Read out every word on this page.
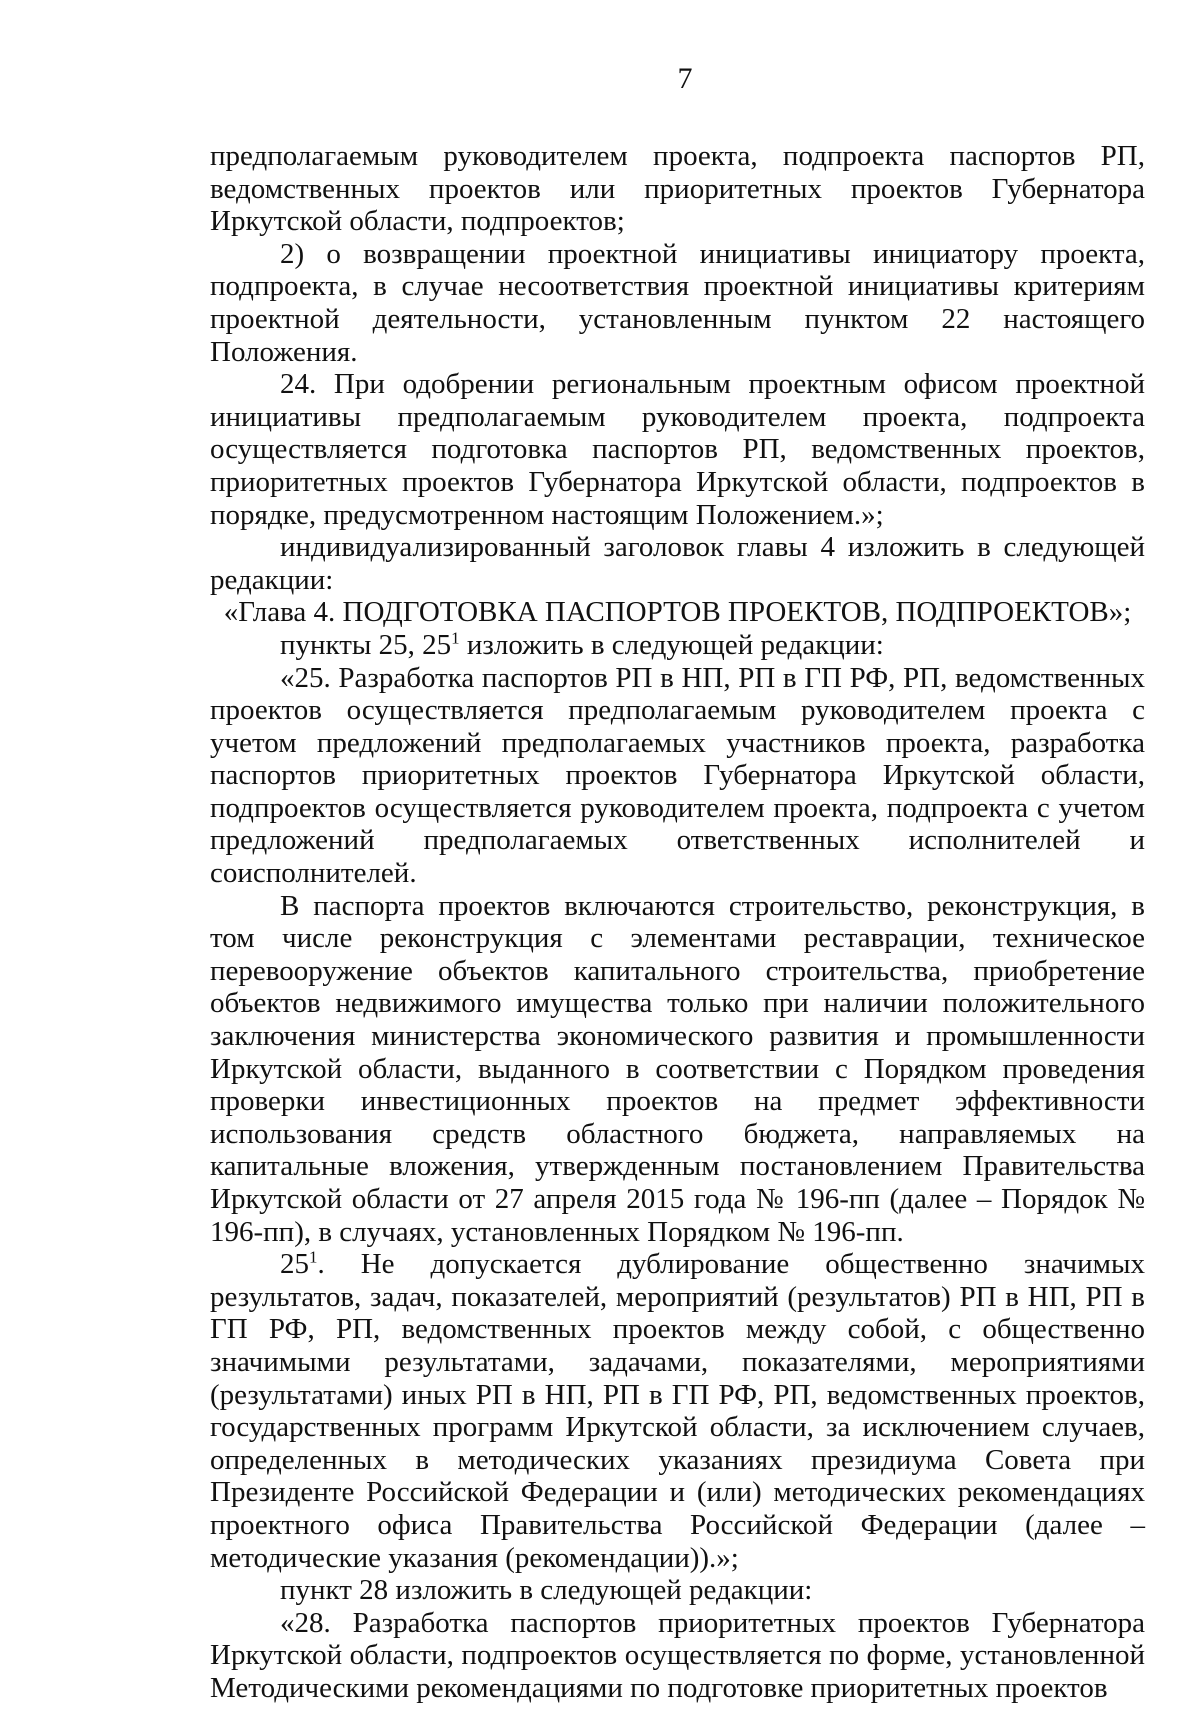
7

предполагаемым руководителем проекта, подпроекта паспортов РП, ведомственных проектов или приоритетных проектов Губернатора Иркутской области, подпроектов;

2) о возвращении проектной инициативы инициатору проекта, подпроекта, в случае несоответствия проектной инициативы критериям проектной деятельности, установленным пунктом 22 настоящего Положения.

24. При одобрении региональным проектным офисом проектной инициативы предполагаемым руководителем проекта, подпроекта осуществляется подготовка паспортов РП, ведомственных проектов, приоритетных проектов Губернатора Иркутской области, подпроектов в порядке, предусмотренном настоящим Положением.»;

индивидуализированный заголовок главы 4 изложить в следующей редакции:

«Глава 4. ПОДГОТОВКА ПАСПОРТОВ ПРОЕКТОВ, ПОДПРОЕКТОВ»;

пункты 25, $25^1$ изложить в следующей редакции:

«25. Разработка паспортов РП в НП, РП в ГП РФ, РП, ведомственных проектов осуществляется предполагаемым руководителем проекта с учетом предложений предполагаемых участников проекта, разработка паспортов приоритетных проектов Губернатора Иркутской области, подпроектов осуществляется руководителем проекта, подпроекта с учетом предложений предполагаемых ответственных исполнителей и соисполнителей.

В паспорта проектов включаются строительство, реконструкция, в том числе реконструкция с элементами реставрации, техническое перевооружение объектов капитального строительства, приобретение объектов недвижимого имущества только при наличии положительного заключения министерства экономического развития и промышленности Иркутской области, выданного в соответствии с Порядком проведения проверки инвестиционных проектов на предмет эффективности использования средств областного бюджета, направляемых на капитальные вложения, утвержденным постановлением Правительства Иркутской области от 27 апреля 2015 года № 196-пп (далее – Порядок № 196-пп), в случаях, установленных Порядком № 196-пп.

$25^1$. Не допускается дублирование общественно значимых результатов, задач, показателей, мероприятий (результатов) РП в НП, РП в ГП РФ, РП, ведомственных проектов между собой, с общественно значимыми результатами, задачами, показателями, мероприятиями (результатами) иных РП в НП, РП в ГП РФ, РП, ведомственных проектов, государственных программ Иркутской области, за исключением случаев, определенных в методических указаниях президиума Совета при Президенте Российской Федерации и (или) методических рекомендациях проектного офиса Правительства Российской Федерации (далее – методические указания (рекомендации)).»;

пункт 28 изложить в следующей редакции:

«28. Разработка паспортов приоритетных проектов Губернатора Иркутской области, подпроектов осуществляется по форме, установленной Методическими рекомендациями по подготовке приоритетных проектов
